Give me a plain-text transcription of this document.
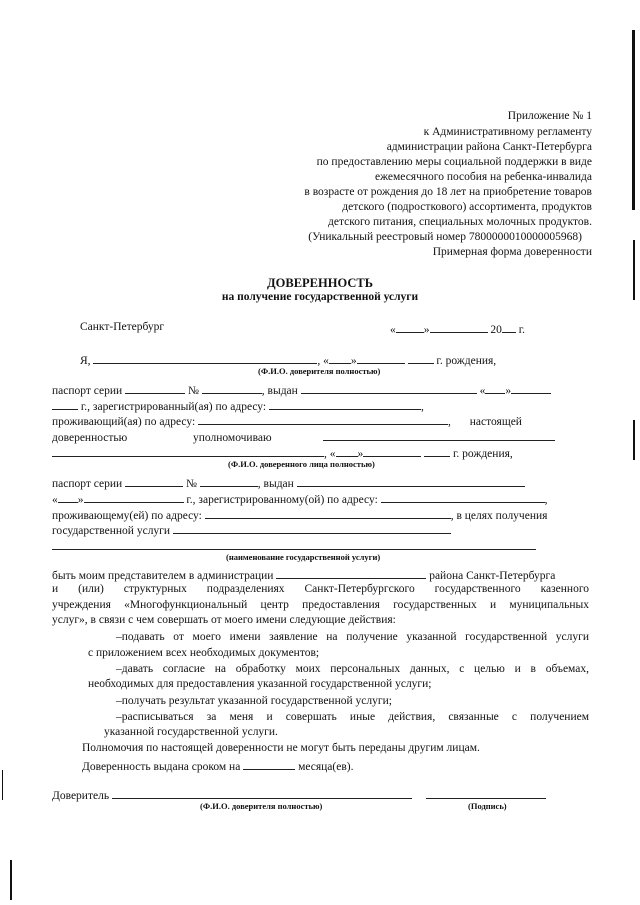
Приложение № 1
к Административному регламенту
администрации района Санкт-Петербурга
по предоставлению меры социальной поддержки в виде
ежемесячного пособия на ребенка-инвалида
в возрасте от рождения до 18 лет на приобретение товаров
детского (подросткового) ассортимента, продуктов
детского питания, специальных молочных продуктов.
(Уникальный реестровый номер 7800000010000005968)
Примерная форма доверенности
ДОВЕРЕННОСТЬ
на получение государственной услуги
Санкт-Петербург	« »	20 г.
Я,	, « »	г. рождения,
(Ф.И.О. доверителя полностью)
паспорт серии	№	, выдан	« »
г., зарегистрированный(ая) по адресу:	,
проживающий(ая) по адресу:	, настоящей
доверенностью	уполномочиваю
, « »	г. рождения,
(Ф.И.О. доверенного лица полностью)
паспорт серии	№	, выдан
« »	г., зарегистрированному(ой) по адресу:	,
проживающему(ей) по адресу:	, в целях получения
государственной услуги
(наименование государственной услуги)
быть моим представителем в администрации	района Санкт-Петербурга
и (или) структурных подразделениях Санкт-Петербургского государственного казенного
учреждения «Многофункциональный центр предоставления государственных и муниципальных
услуг», в связи с чем совершать от моего имени следующие действия:
–подавать от моего имени заявление на получение указанной государственной услуги
с приложением всех необходимых документов;
–давать согласие на обработку моих персональных данных, с целью и в объемах,
необходимых для предоставления указанной государственной услуги;
–получать результат указанной государственной услуги;
–расписываться за меня и совершать иные действия, связанные с получением
указанной государственной услуги.
Полномочия по настоящей доверенности не могут быть переданы другим лицам.
Доверенность выдана сроком на	месяца(ев).
Доверитель
(Ф.И.О. доверителя полностью)	(Подпись)
